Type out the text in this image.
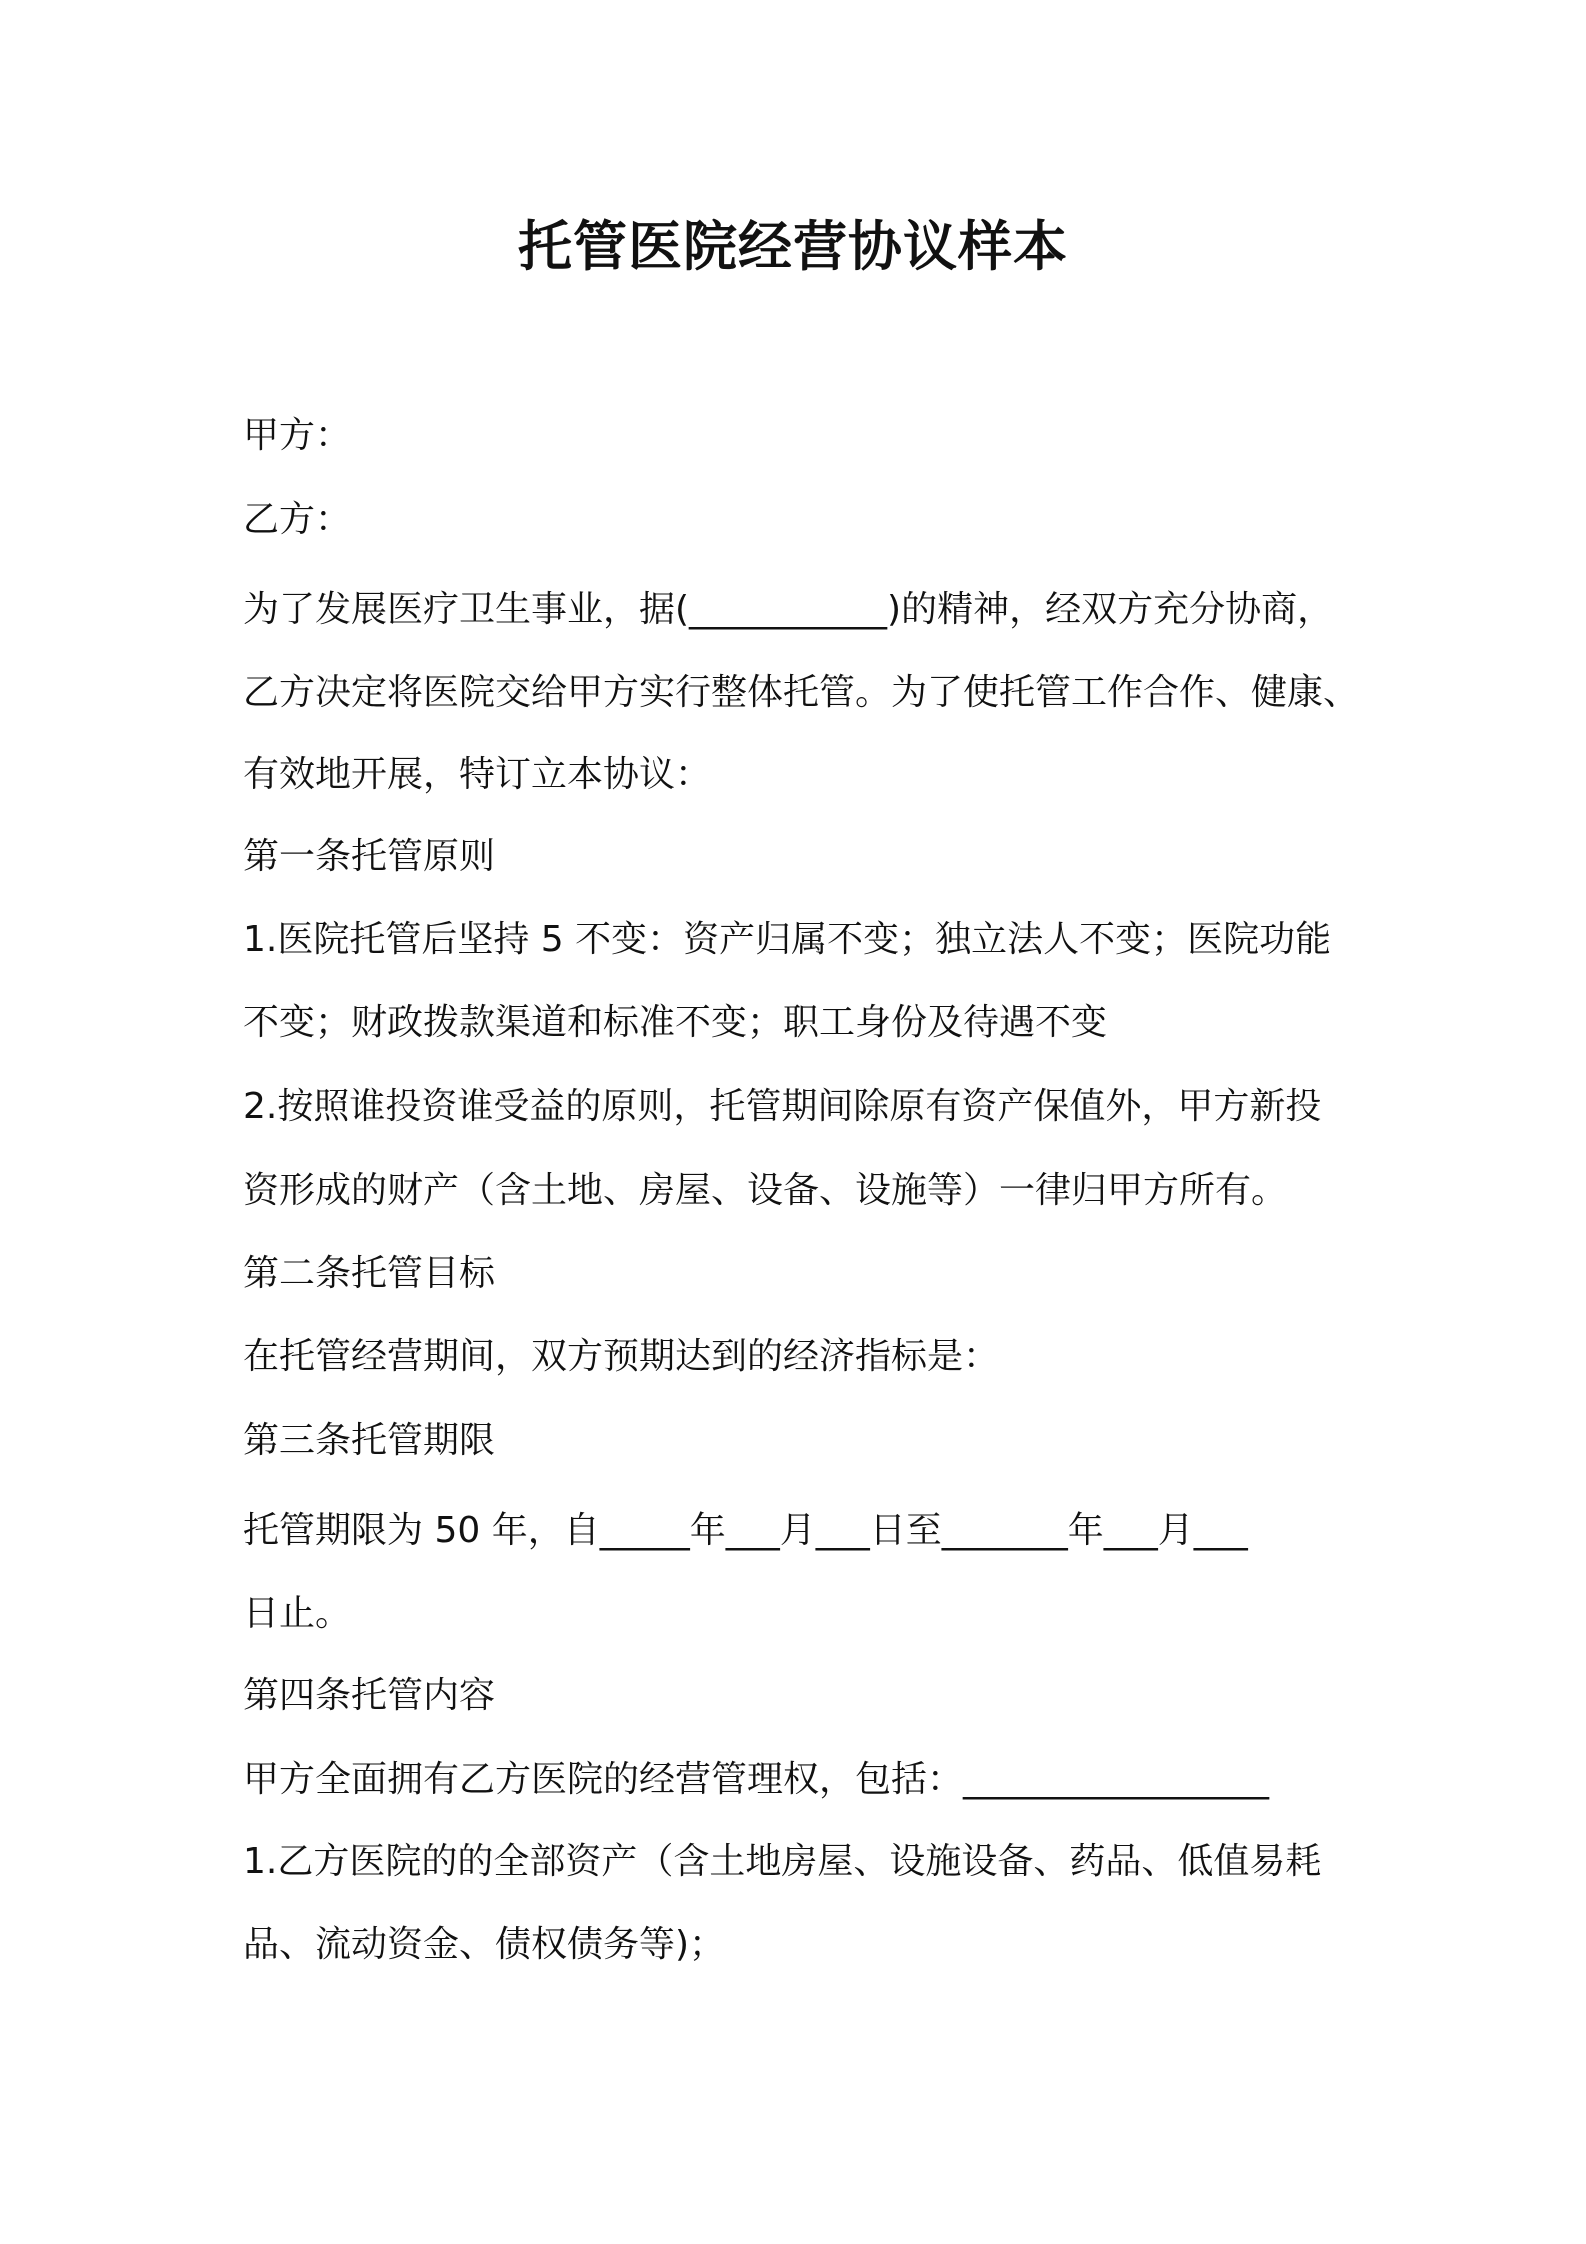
托管医院经营协议样本
甲方：
乙方：
为了发展医疗卫生事业，据(___________)的精神，经双方充分协商，
乙方决定将医院交给甲方实行整体托管。为了使托管工作合作、健康、
有效地开展，特订立本协议：
第一条托管原则
1.医院托管后坚持 5 不变：资产归属不变；独立法人不变；医院功能
不变；财政拨款渠道和标准不变；职工身份及待遇不变
2.按照谁投资谁受益的原则，托管期间除原有资产保值外，甲方新投
资形成的财产（含土地、房屋、设备、设施等）一律归甲方所有。
第二条托管目标
在托管经营期间，双方预期达到的经济指标是：
第三条托管期限
托管期限为 50 年，自_____年___月___日至_______年___月___
日止。
第四条托管内容
甲方全面拥有乙方医院的经营管理权，包括：_________________
1.乙方医院的的全部资产（含土地房屋、设施设备、药品、低值易耗
品、流动资金、债权债务等)；
